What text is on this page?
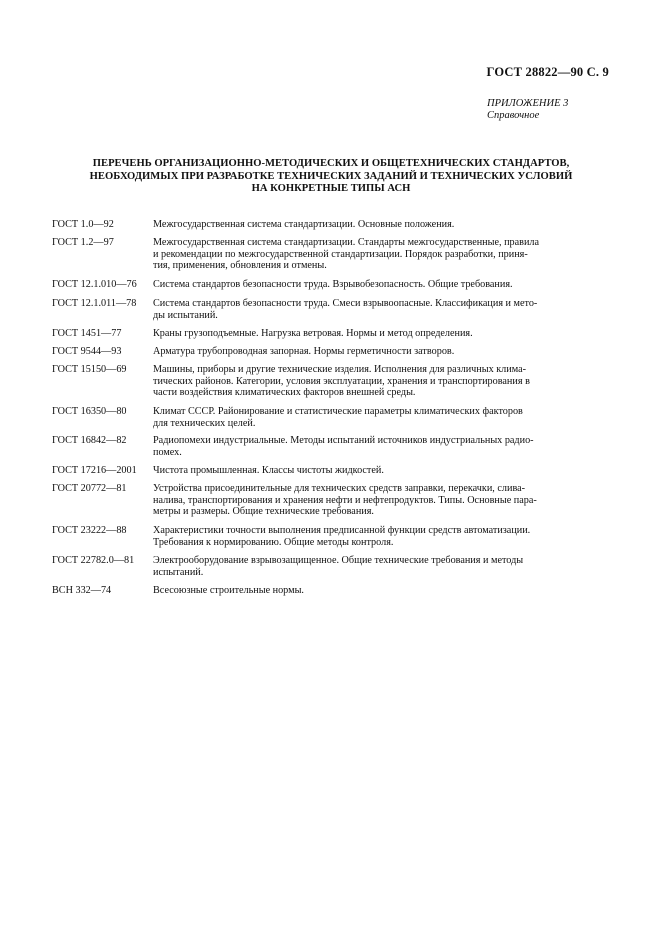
ГОСТ 28822—90 С. 9
ПРИЛОЖЕНИЕ 3
Справочное
ПЕРЕЧЕНЬ ОРГАНИЗАЦИОННО-МЕТОДИЧЕСКИХ И ОБЩЕТЕХНИЧЕСКИХ СТАНДАРТОВ,
НЕОБХОДИМЫХ ПРИ РАЗРАБОТКЕ ТЕХНИЧЕСКИХ ЗАДАНИЙ И ТЕХНИЧЕСКИХ УСЛОВИЙ
НА КОНКРЕТНЫЕ ТИПЫ АСН
ГОСТ 1.0—92	Межгосударственная система стандартизации. Основные положения.
ГОСТ 1.2—97	Межгосударственная система стандартизации. Стандарты межгосударственные, правила
и рекомендации по межгосударственной стандартизации. Порядок разработки, приня-
тия, применения, обновления и отмены.
ГОСТ 12.1.010—76 Система стандартов безопасности труда. Взрывобезопасность. Общие требования.
ГОСТ 12.1.011—78 Система стандартов безопасности труда. Смеси взрывоопасные. Классификация и мето-
ды испытаний.
ГОСТ 1451—77	Краны грузоподъемные. Нагрузка ветровая. Нормы и метод определения.
ГОСТ 9544—93	Арматура трубопроводная запорная. Нормы герметичности затворов.
ГОСТ 15150—69	Машины, приборы и другие технические изделия. Исполнения для различных клима-
тических районов. Категории, условия эксплуатации, хранения и транспортирования в
части воздействия климатических факторов внешней среды.
ГОСТ 16350—80	Климат СССР. Районирование и статистические параметры климатических факторов
для технических целей.
ГОСТ 16842—82	Радиопомехи индустриальные. Методы испытаний источников индустриальных радио-
помех.
ГОСТ 17216—2001 Чистота промышленная. Классы чистоты жидкостей.
ГОСТ 20772—81	Устройства присоединительные для технических средств заправки, перекачки, слива-
налива, транспортирования и хранения нефти и нефтепродуктов. Типы. Основные пара-
метры и размеры. Общие технические требования.
ГОСТ 23222—88	Характеристики точности выполнения предписанной функции средств автоматизации.
Требования к нормированию. Общие методы контроля.
ГОСТ 22782.0—81 Электрооборудование взрывозащищенное. Общие технические требования и методы
испытаний.
ВСН 332—74	Всесоюзные строительные нормы.
